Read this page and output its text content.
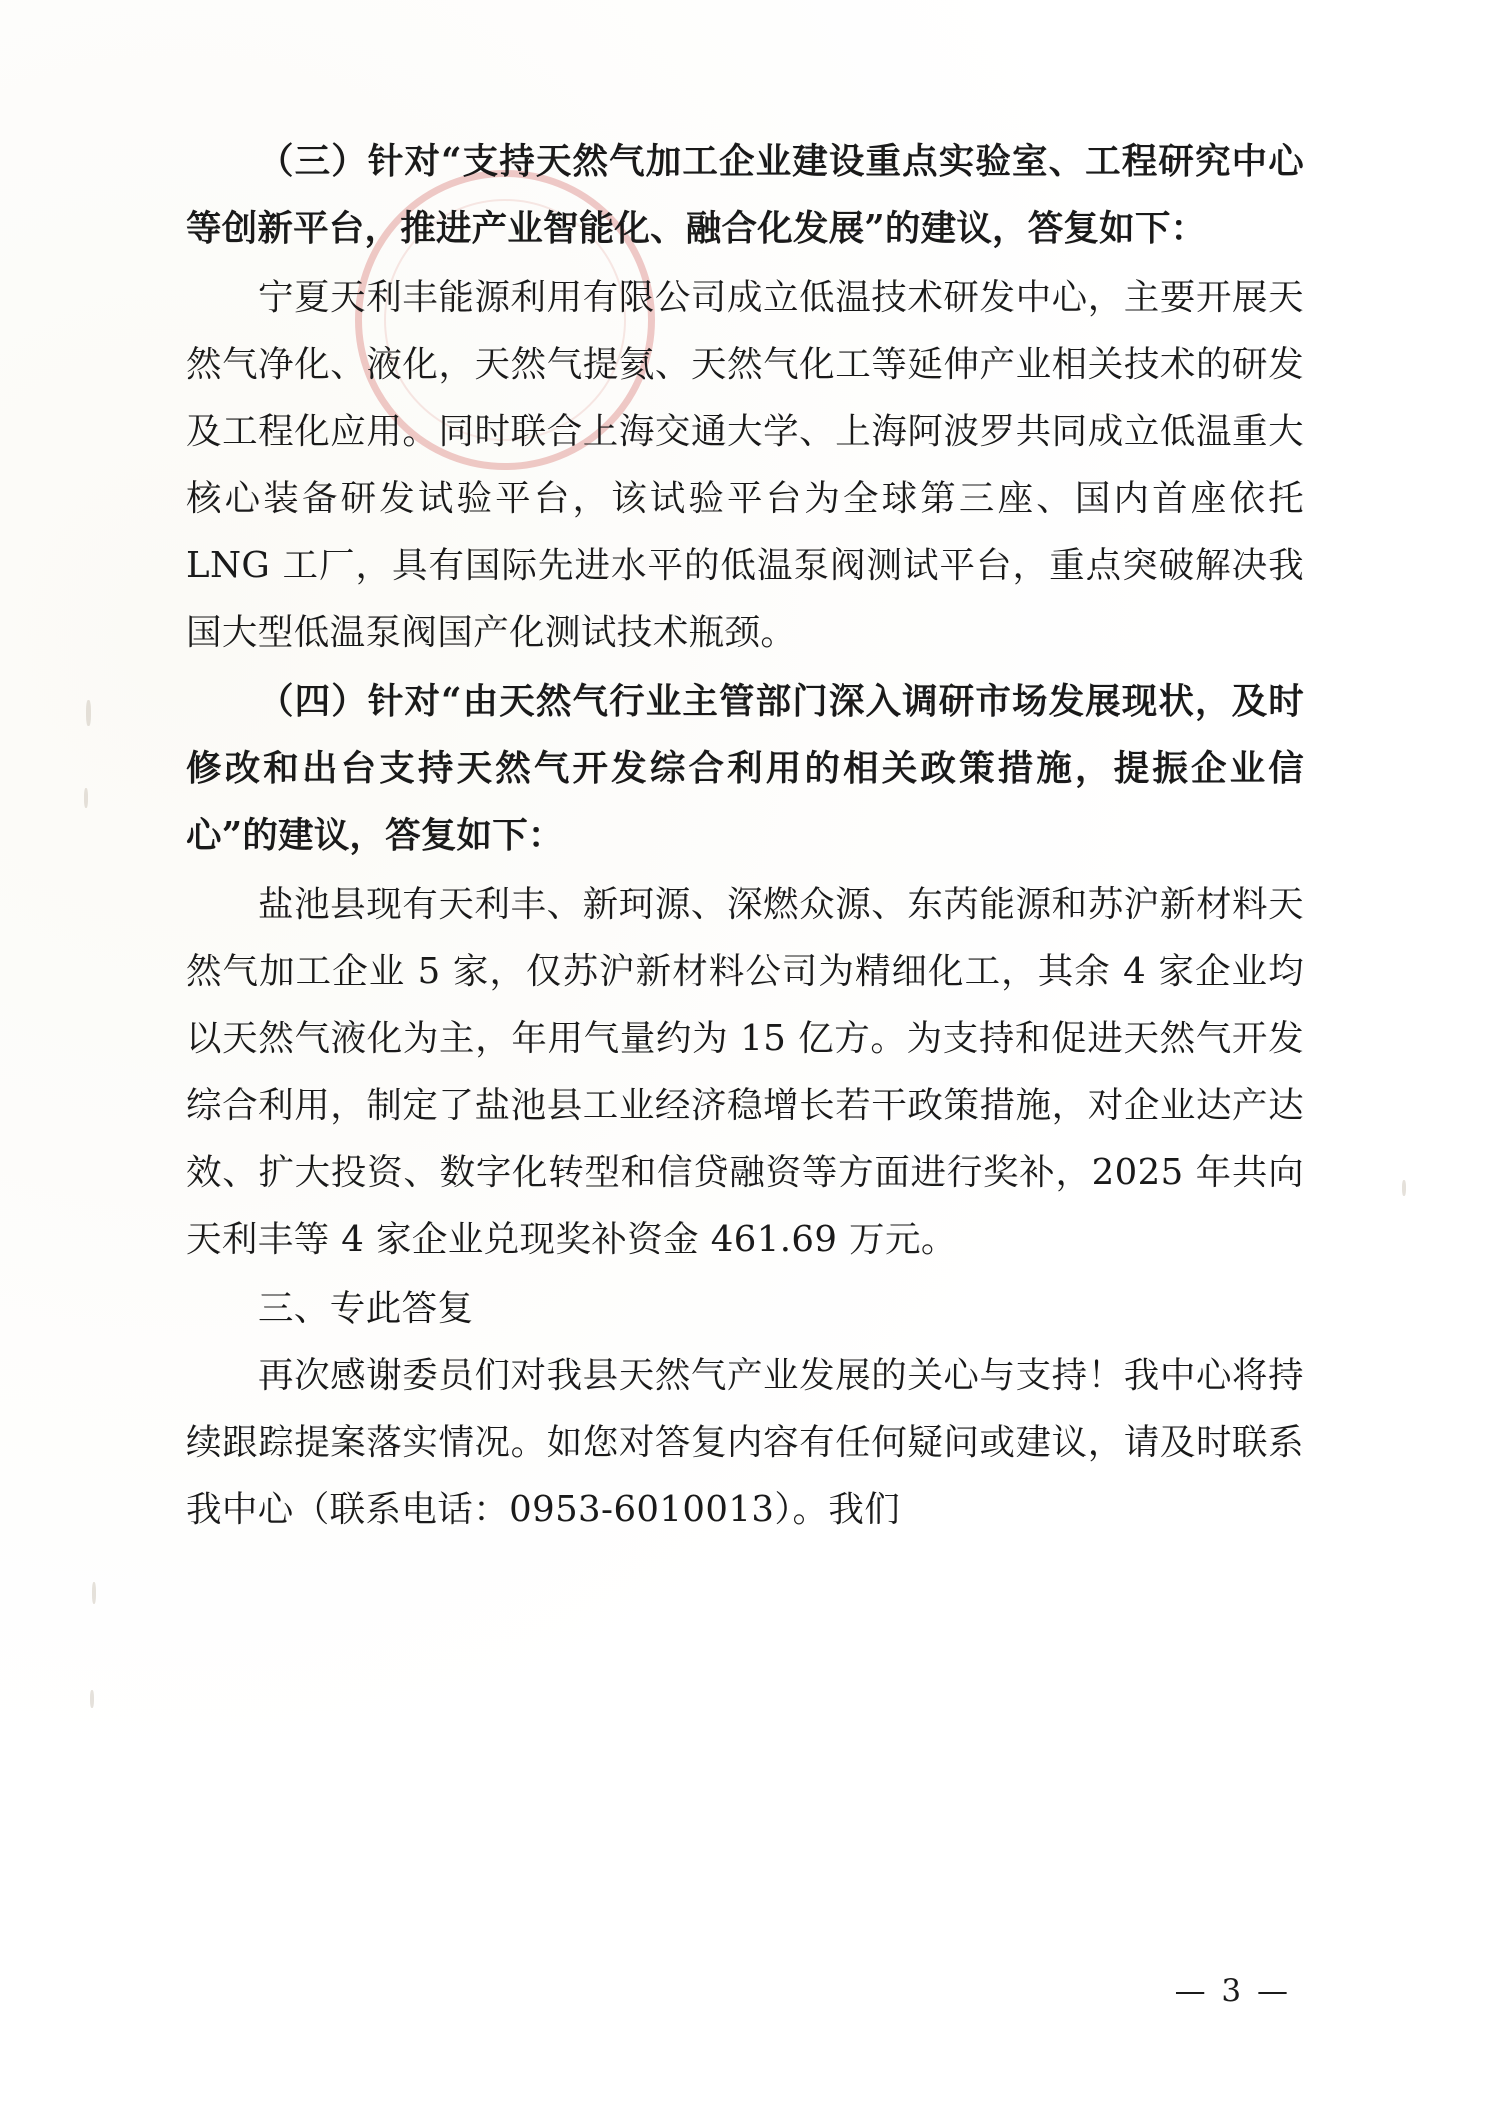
（三）针对“支持天然气加工企业建设重点实验室、工程研究中心等创新平台，推进产业智能化、融合化发展”的建议，答复如下：

宁夏天利丰能源利用有限公司成立低温技术研发中心，主要开展天然气净化、液化，天然气提氦、天然气化工等延伸产业相关技术的研发及工程化应用。同时联合上海交通大学、上海阿波罗共同成立低温重大核心装备研发试验平台，该试验平台为全球第三座、国内首座依托 LNG 工厂，具有国际先进水平的低温泵阀测试平台，重点突破解决我国大型低温泵阀国产化测试技术瓶颈。

（四）针对“由天然气行业主管部门深入调研市场发展现状，及时修改和出台支持天然气开发综合利用的相关政策措施，提振企业信心”的建议，答复如下：

盐池县现有天利丰、新珂源、深燃众源、东芮能源和苏沪新材料天然气加工企业 5 家，仅苏沪新材料公司为精细化工，其余 4 家企业均以天然气液化为主，年用气量约为 15 亿方。为支持和促进天然气开发综合利用，制定了盐池县工业经济稳增长若干政策措施，对企业达产达效、扩大投资、数字化转型和信贷融资等方面进行奖补，2025 年共向天利丰等 4 家企业兑现奖补资金 461.69 万元。

三、专此答复

再次感谢委员们对我县天然气产业发展的关心与支持！我中心将持续跟踪提案落实情况。如您对答复内容有任何疑问或建议，请及时联系我中心（联系电话：0953-6010013）。我们

— 3 —
